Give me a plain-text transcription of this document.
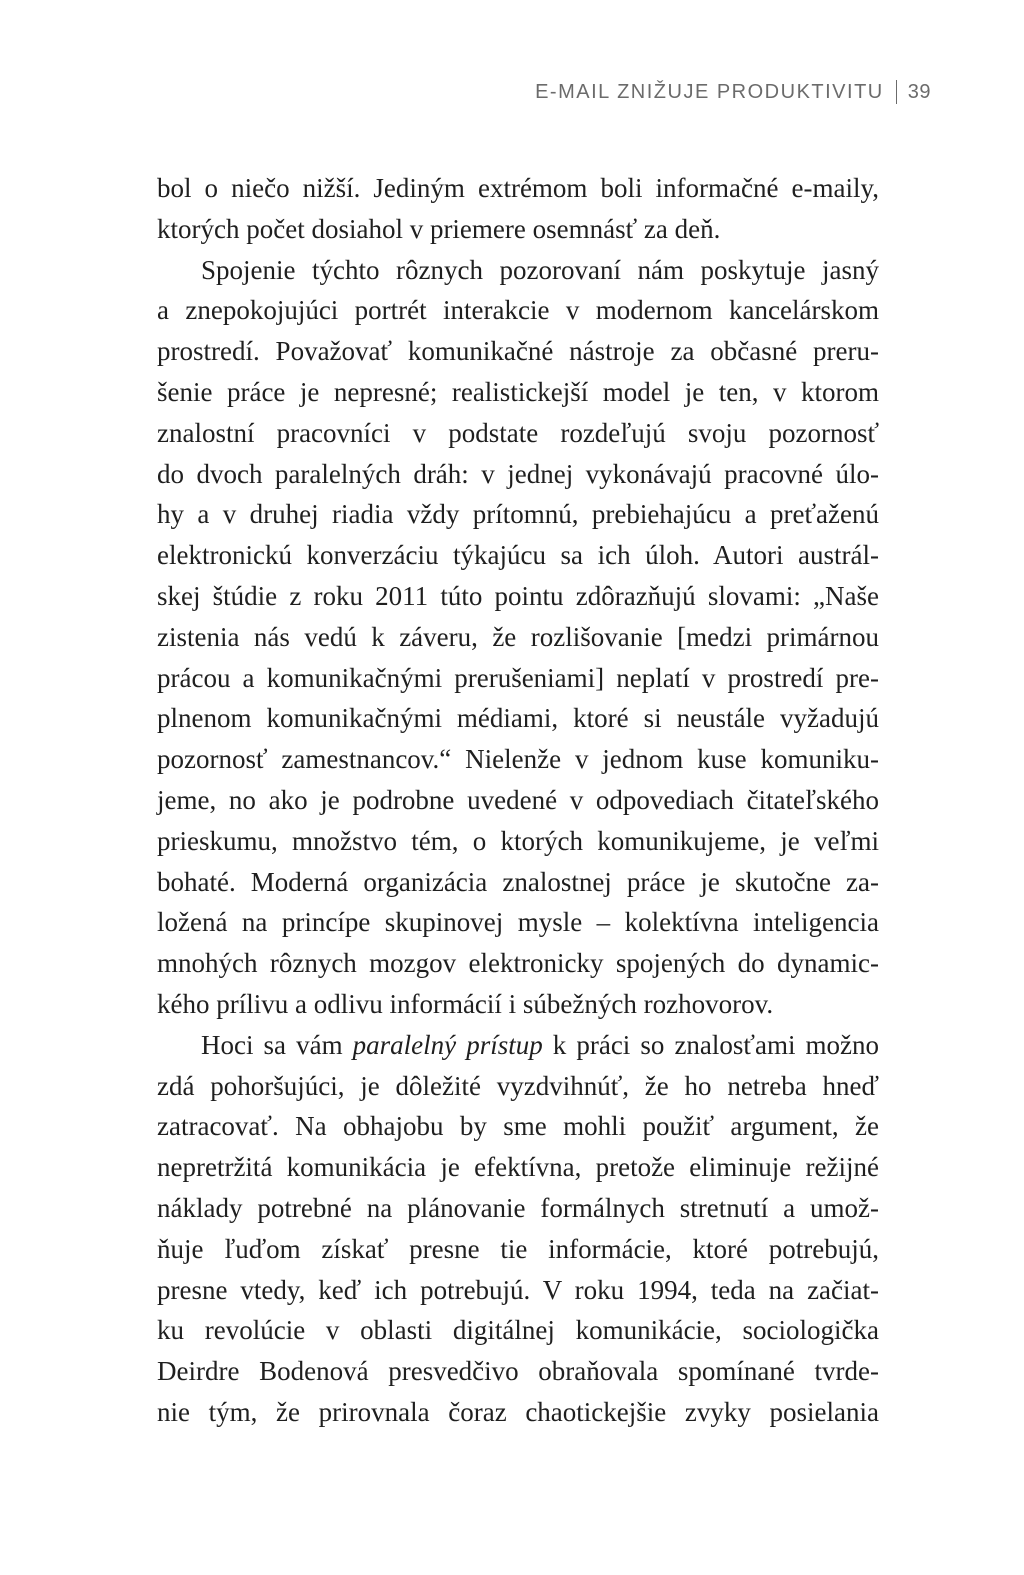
E-MAIL ZNIŽUJE PRODUKTIVITU 39
bol o niečo nižší. Jediným extrémom boli informačné e-maily,
ktorých počet dosiahol v priemere osemnásť za deň.
Spojenie týchto rôznych pozorovaní nám poskytuje jasný
a znepokojujúci portrét interakcie v modernom kancelárskom
prostredí. Považovať komunikačné nástroje za občasné preru-
šenie práce je nepresné; realistickejší model je ten, v ktorom
znalostní pracovníci v podstate rozdeľujú svoju pozornosť
do dvoch paralelných dráh: v jednej vykonávajú pracovné úlo-
hy a v druhej riadia vždy prítomnú, prebiehajúcu a preťaženú
elektronickú konverzáciu týkajúcu sa ich úloh. Autori austrál-
skej štúdie z roku 2011 túto pointu zdôrazňujú slovami: „Naše
zistenia nás vedú k záveru, že rozlišovanie [medzi primárnou
prácou a komunikačnými prerušeniami] neplatí v prostredí pre-
plnenom komunikačnými médiami, ktoré si neustále vyžadujú
pozornosť zamestnancov.“ Nielenže v jednom kuse komuniku-
jeme, no ako je podrobne uvedené v odpovediach čitateľského
prieskumu, množstvo tém, o ktorých komunikujeme, je veľmi
bohaté. Moderná organizácia znalostnej práce je skutočne za-
ložená na princípe skupinovej mysle – kolektívna inteligencia
mnohých rôznych mozgov elektronicky spojených do dynamic-
kého prílivu a odlivu informácií i súbežných rozhovorov.
Hoci sa vám paralelný prístup k práci so znalosťami možno
zdá pohoršujúci, je dôležité vyzdvihnúť, že ho netreba hneď
zatracovať. Na obhajobu by sme mohli použiť argument, že
nepretržitá komunikácia je efektívna, pretože eliminuje režijné
náklady potrebné na plánovanie formálnych stretnutí a umož-
ňuje ľuďom získať presne tie informácie, ktoré potrebujú,
presne vtedy, keď ich potrebujú. V roku 1994, teda na začiat-
ku revolúcie v oblasti digitálnej komunikácie, sociologička
Deirdre Bodenová presvedčivo obraňovala spomínané tvrde-
nie tým, že prirovnala čoraz chaotickejšie zvyky posielania
